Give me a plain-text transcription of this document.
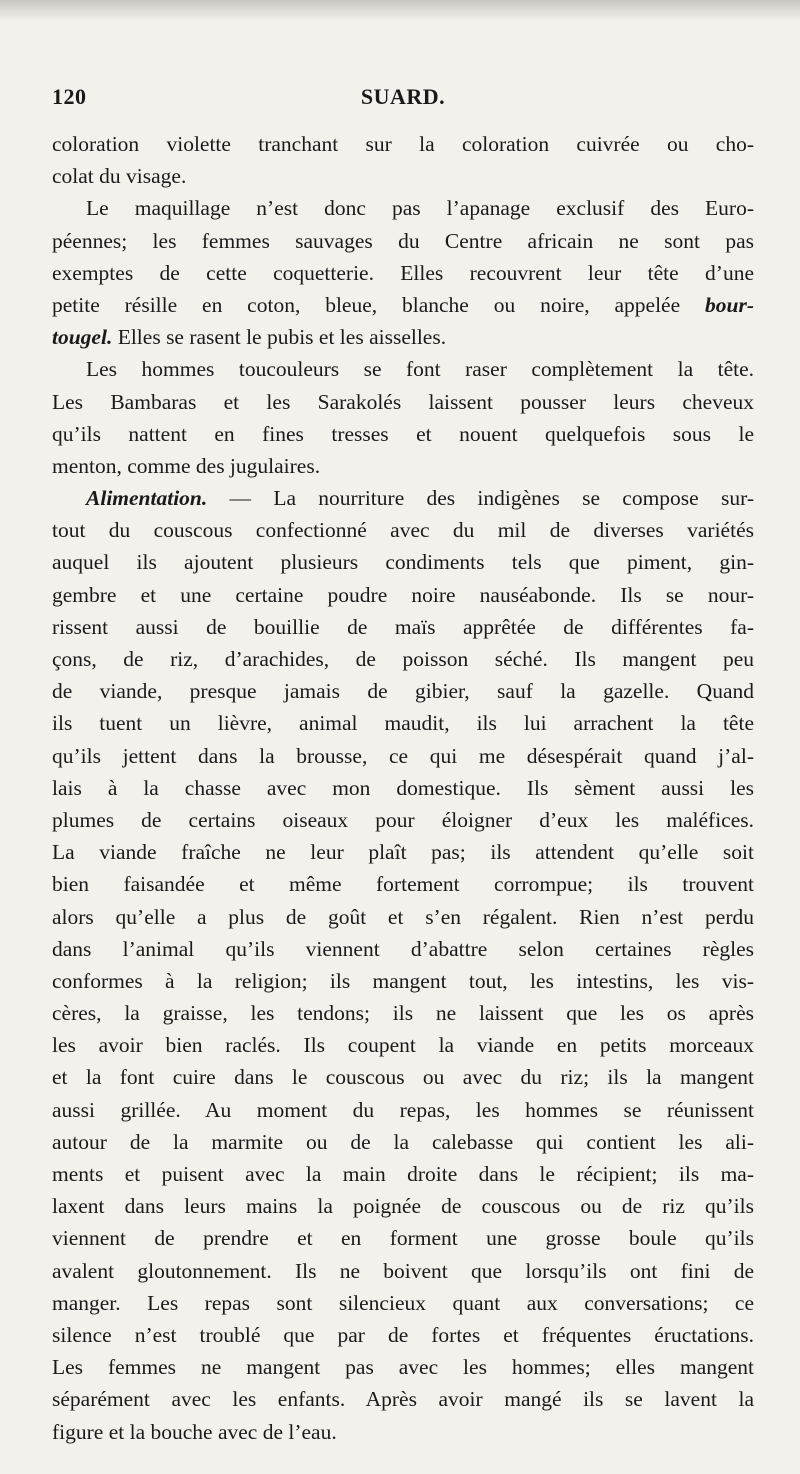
120	SUARD.
coloration violette tranchant sur la coloration cuivrée ou cho-
colat du visage.
Le maquillage n’est donc pas l’apanage exclusif des Euro-
péennes; les femmes sauvages du Centre africain ne sont pas
exemptes de cette coquetterie. Elles recouvrent leur tête d’une
petite résille en coton, bleue, blanche ou noire, appelée bour-
tougel. Elles se rasent le pubis et les aisselles.
Les hommes toucouleurs se font raser complètement la tête.
Les Bambaras et les Sarakolés laissent pousser leurs cheveux
qu’ils nattent en fines tresses et nouent quelquefois sous le
menton, comme des jugulaires.
Alimentation. — La nourriture des indigènes se compose sur-
tout du couscous confectionné avec du mil de diverses variétés
auquel ils ajoutent plusieurs condiments tels que piment, gin-
gembre et une certaine poudre noire nauséabonde. Ils se nour-
rissent aussi de bouillie de maïs apprêtée de différentes fa-
çons, de riz, d’arachides, de poisson séché. Ils mangent peu
de viande, presque jamais de gibier, sauf la gazelle. Quand
ils tuent un lièvre, animal maudit, ils lui arrachent la tête
qu’ils jettent dans la brousse, ce qui me désespérait quand j’al-
lais à la chasse avec mon domestique. Ils sèment aussi les
plumes de certains oiseaux pour éloigner d’eux les maléfices.
La viande fraîche ne leur plaît pas; ils attendent qu’elle soit
bien faisandée et même fortement corrompue; ils trouvent
alors qu’elle a plus de goût et s’en régalent. Rien n’est perdu
dans l’animal qu’ils viennent d’abattre selon certaines règles
conformes à la religion; ils mangent tout, les intestins, les vis-
cères, la graisse, les tendons; ils ne laissent que les os après
les avoir bien raclés. Ils coupent la viande en petits morceaux
et la font cuire dans le couscous ou avec du riz; ils la mangent
aussi grillée. Au moment du repas, les hommes se réunissent
autour de la marmite ou de la calebasse qui contient les ali-
ments et puisent avec la main droite dans le récipient; ils ma-
laxent dans leurs mains la poignée de couscous ou de riz qu’ils
viennent de prendre et en forment une grosse boule qu’ils
avalent gloutonnement. Ils ne boivent que lorsqu’ils ont fini de
manger. Les repas sont silencieux quant aux conversations; ce
silence n’est troublé que par de fortes et fréquentes éructations.
Les femmes ne mangent pas avec les hommes; elles mangent
séparément avec les enfants. Après avoir mangé ils se lavent la
figure et la bouche avec de l’eau.
